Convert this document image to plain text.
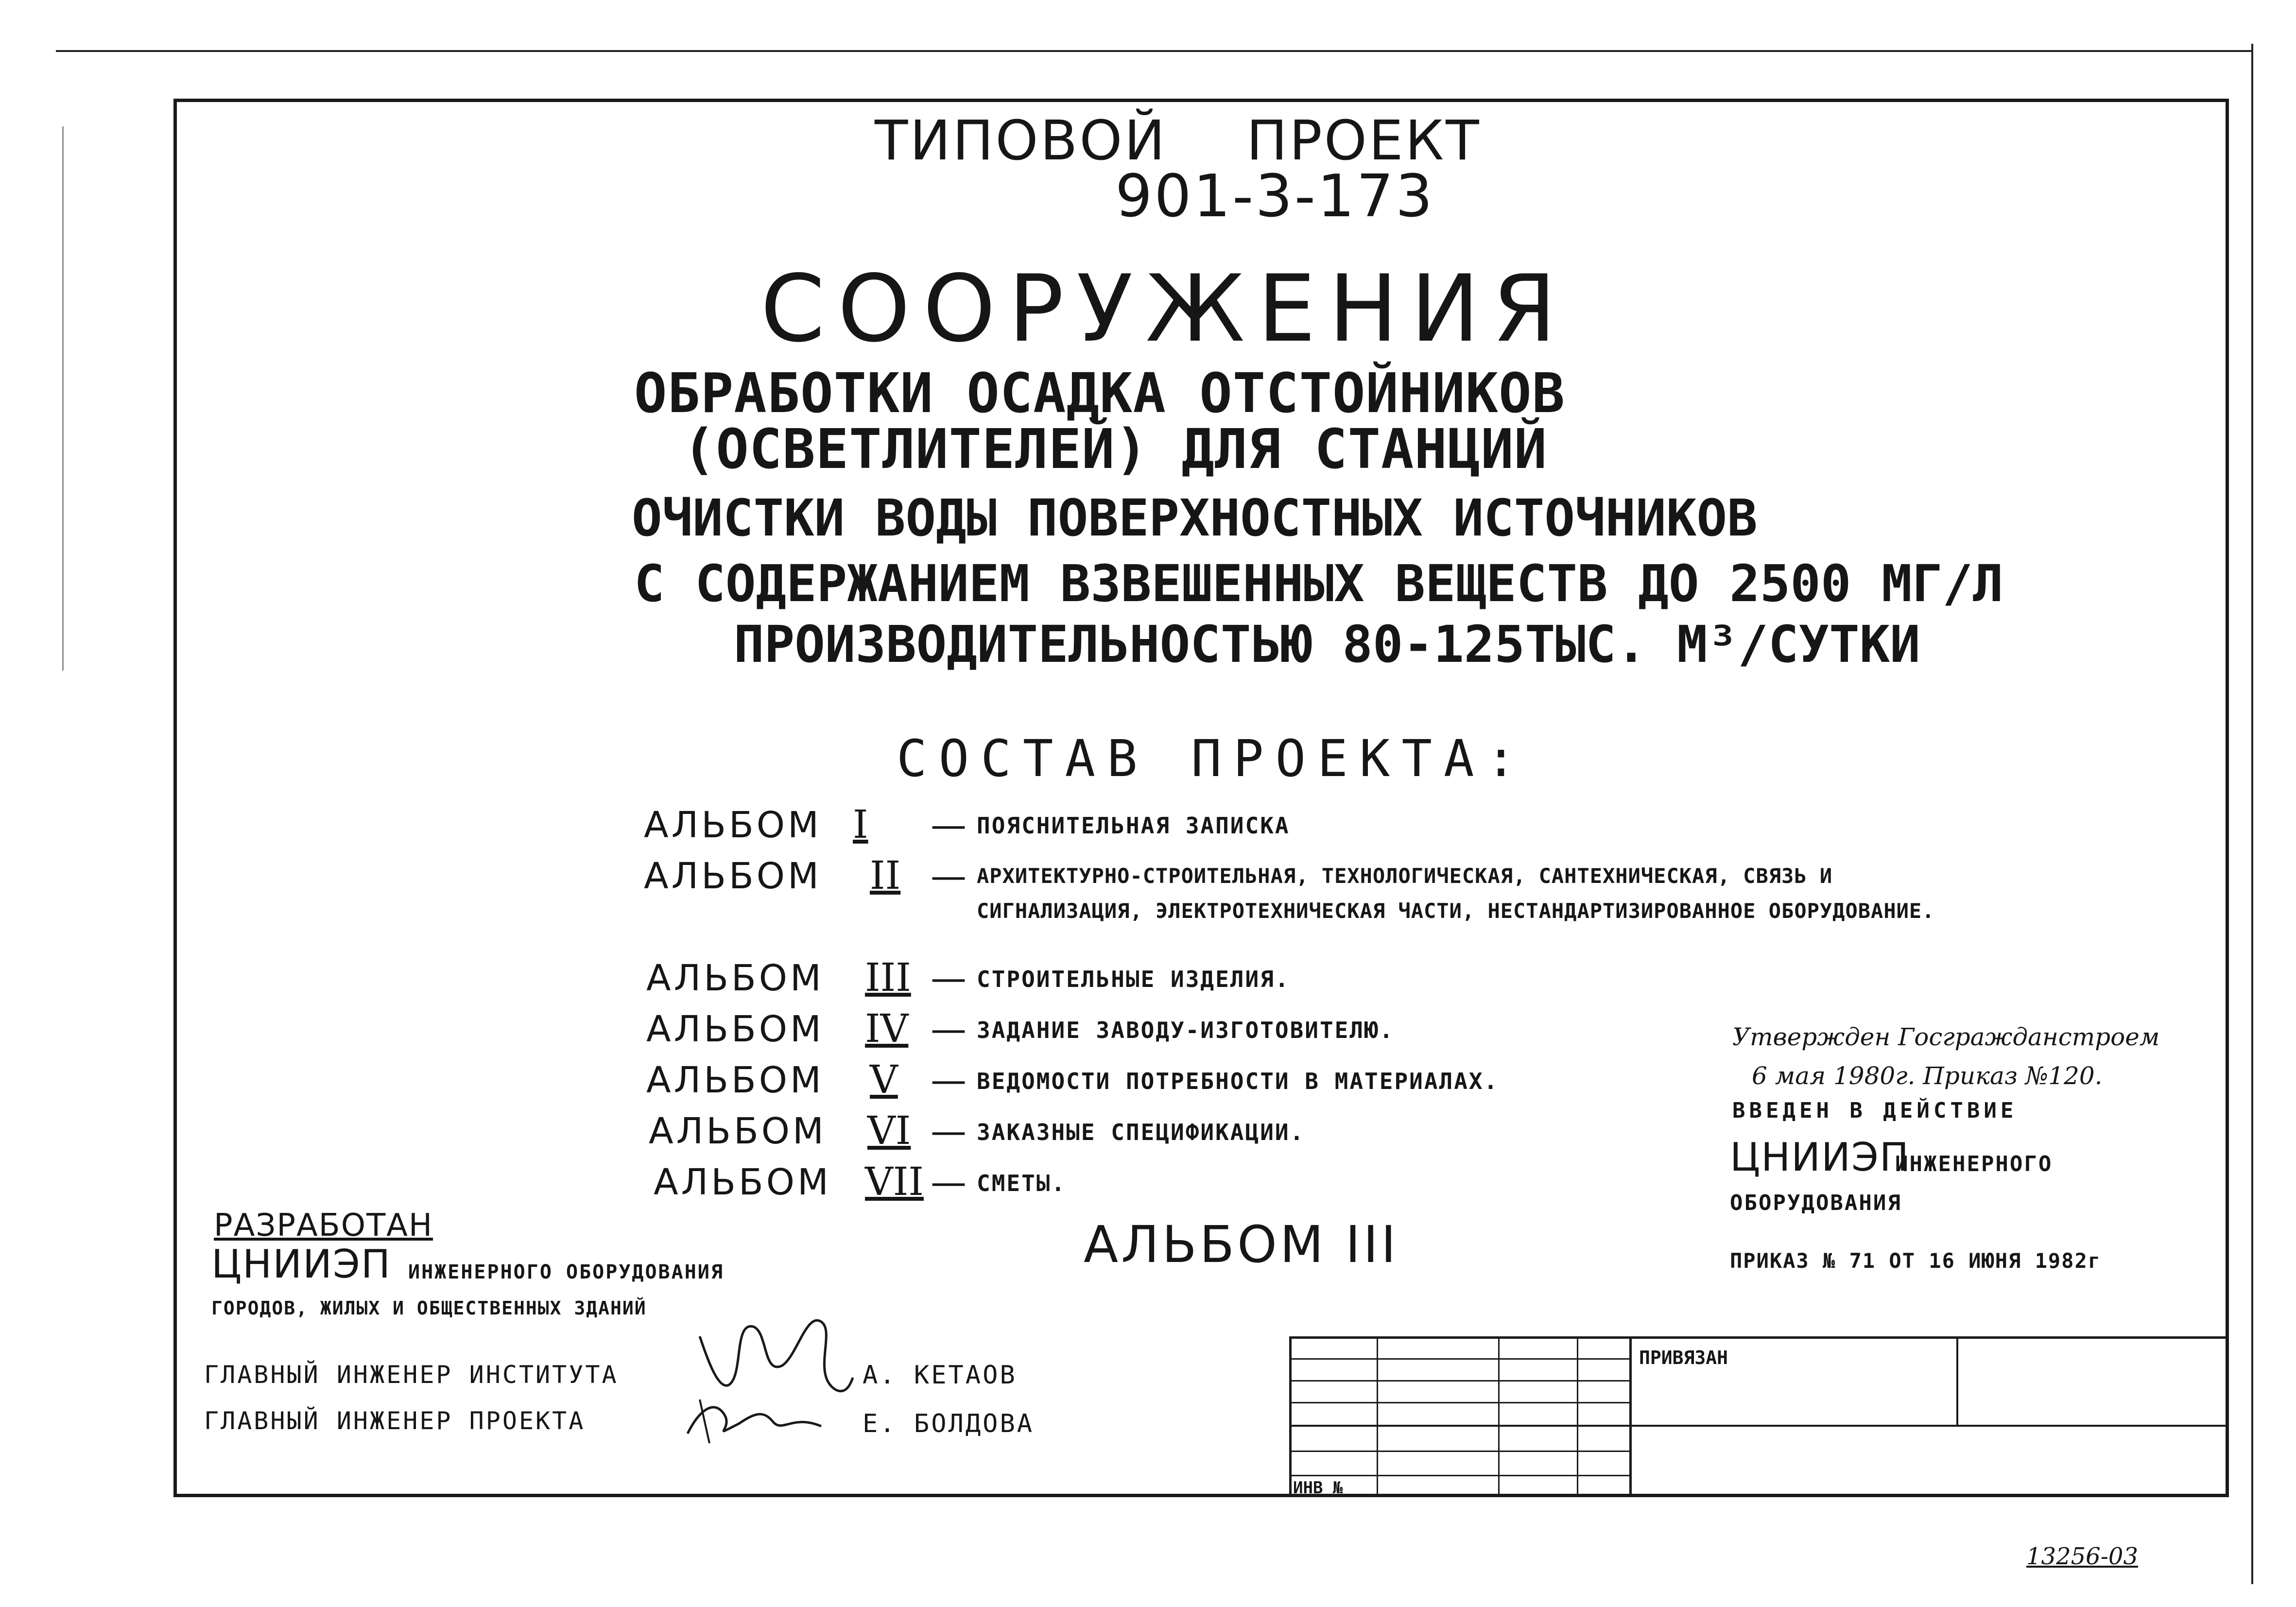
ТИПОВОЙ ПРОЕКТ
901-3-173
СООРУЖЕНИЯ
ОБРАБОТКИ ОСАДКА ОТСТОЙНИКОВ
(ОСВЕТЛИТЕЛЕЙ) ДЛЯ СТАНЦИЙ
ОЧИСТКИ ВОДЫ ПОВЕРХНОСТНЫХ ИСТОЧНИКОВ
С СОДЕРЖАНИЕМ ВЗВЕШЕННЫХ ВЕЩЕСТВ ДО 2500 МГ/Л
ПРОИЗВОДИТЕЛЬНОСТЬЮ 80-125ТЫС. М³/СУТКИ
СОСТАВ ПРОЕКТА:
АЛЬБОМ I — ПОЯСНИТЕЛЬНАЯ ЗАПИСКА
АЛЬБОМ II — АРХИТЕКТУРНО-СТРОИТЕЛЬНАЯ, ТЕХНОЛОГИЧЕСКАЯ, САНТЕХНИЧЕСКАЯ, СВЯЗЬ И
СИГНАЛИЗАЦИЯ, ЭЛЕКТРОТЕХНИЧЕСКАЯ ЧАСТИ, НЕСТАНДАРТИЗИРОВАННОЕ ОБОРУДОВАНИЕ.
АЛЬБОМ III — СТРОИТЕЛЬНЫЕ ИЗДЕЛИЯ.
АЛЬБОМ IV — ЗАДАНИЕ ЗАВОДУ-ИЗГОТОВИТЕЛЮ.
АЛЬБОМ V — ВЕДОМОСТИ ПОТРЕБНОСТИ В МАТЕРИАЛАХ.
АЛЬБОМ VI — ЗАКАЗНЫЕ СПЕЦИФИКАЦИИ.
АЛЬБОМ VII — СМЕТЫ.
Утвержден Госгражданстроем
6 мая 1980г. Приказ №120.
ВВЕДЕН В ДЕЙСТВИЕ
ЦНИИЭП
ИНЖЕНЕРНОГО
ОБОРУДОВАНИЯ
ПРИКАЗ № 71 ОТ 16 ИЮНЯ 1982г
РАЗРАБОТАН
ЦНИИЭП ИНЖЕНЕРНОГО ОБОРУДОВАНИЯ
ГОРОДОВ, ЖИЛЫХ И ОБЩЕСТВЕННЫХ ЗДАНИЙ
ГЛАВНЫЙ ИНЖЕНЕР ИНСТИТУТА	А. КЕТАОВ
ГЛАВНЫЙ ИНЖЕНЕР ПРОЕКТА	Е. БОЛДОВА
АЛЬБОМ III
ПРИВЯЗАН
ИНВ №
13256-03
